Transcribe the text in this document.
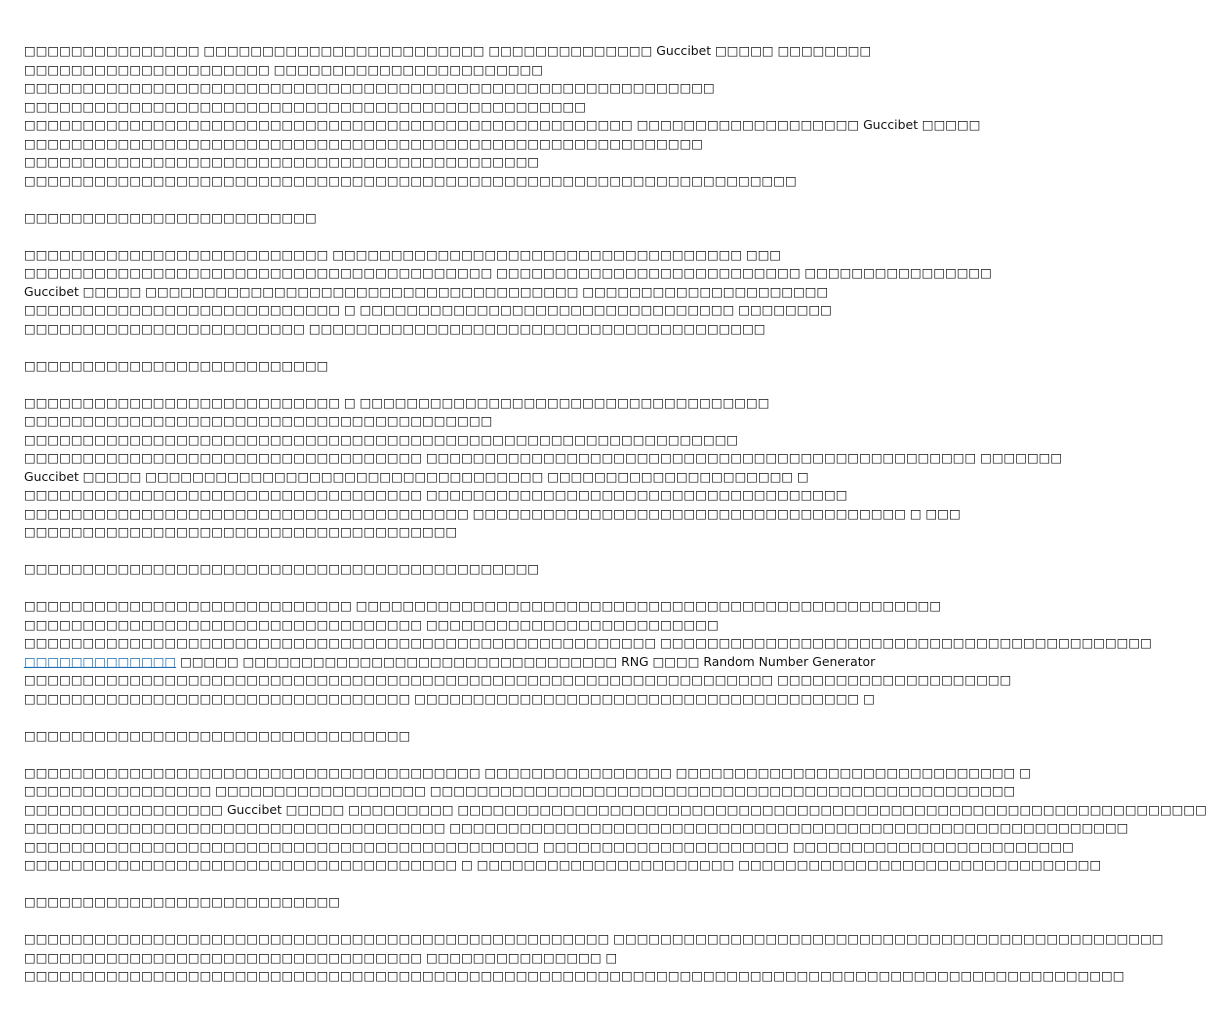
□□□□□□□□□□□□□□□ □□□□□□□□□□□□□□□□□□□□□□□□ □□□□□□□□□□□□□□ Guccibet □□□□□ □□□□□□□□
□□□□□□□□□□□□□□□□□□□□□ □□□□□□□□□□□□□□□□□□□□□□□
□□□□□□□□□□□□□□□□□□□□□□□□□□□□□□□□□□□□□□□□□□□□□□□□□□□□□□□□□□□
□□□□□□□□□□□□□□□□□□□□□□□□□□□□□□□□□□□□□□□□□□□□□□□□
□□□□□□□□□□□□□□□□□□□□□□□□□□□□□□□□□□□□□□□□□□□□□□□□□□□□ □□□□□□□□□□□□□□□□□□□ Guccibet □□□□□
□□□□□□□□□□□□□□□□□□□□□□□□□□□□□□□□□□□□□□□□□□□□□□□□□□□□□□□□□□
□□□□□□□□□□□□□□□□□□□□□□□□□□□□□□□□□□□□□□□□□□□□
□□□□□□□□□□□□□□□□□□□□□□□□□□□□□□□□□□□□□□□□□□□□□□□□□□□□□□□□□□□□□□□□□□

□□□□□□□□□□□□□□□□□□□□□□□□□

□□□□□□□□□□□□□□□□□□□□□□□□□□ □□□□□□□□□□□□□□□□□□□□□□□□□□□□□□□□□□□ □□□
□□□□□□□□□□□□□□□□□□□□□□□□□□□□□□□□□□□□□□□□ □□□□□□□□□□□□□□□□□□□□□□□□□□ □□□□□□□□□□□□□□□□
Guccibet □□□□□ □□□□□□□□□□□□□□□□□□□□□□□□□□□□□□□□□□□□□ □□□□□□□□□□□□□□□□□□□□□
□□□□□□□□□□□□□□□□□□□□□□□□□□□ □ □□□□□□□□□□□□□□□□□□□□□□□□□□□□□□□□ □□□□□□□□
□□□□□□□□□□□□□□□□□□□□□□□□ □□□□□□□□□□□□□□□□□□□□□□□□□□□□□□□□□□□□□□□

□□□□□□□□□□□□□□□□□□□□□□□□□□

□□□□□□□□□□□□□□□□□□□□□□□□□□□ □ □□□□□□□□□□□□□□□□□□□□□□□□□□□□□□□□□□□
□□□□□□□□□□□□□□□□□□□□□□□□□□□□□□□□□□□□□□□□
□□□□□□□□□□□□□□□□□□□□□□□□□□□□□□□□□□□□□□□□□□□□□□□□□□□□□□□□□□□□□
□□□□□□□□□□□□□□□□□□□□□□□□□□□□□□□□□□ □□□□□□□□□□□□□□□□□□□□□□□□□□□□□□□□□□□□□□□□□□□□□□□ □□□□□□□
Guccibet □□□□□ □□□□□□□□□□□□□□□□□□□□□□□□□□□□□□□□□□ □□□□□□□□□□□□□□□□□□□□□ □
□□□□□□□□□□□□□□□□□□□□□□□□□□□□□□□□□□ □□□□□□□□□□□□□□□□□□□□□□□□□□□□□□□□□□□□
□□□□□□□□□□□□□□□□□□□□□□□□□□□□□□□□□□□□□□ □□□□□□□□□□□□□□□□□□□□□□□□□□□□□□□□□□□□□ □ □□□
□□□□□□□□□□□□□□□□□□□□□□□□□□□□□□□□□□□□□

□□□□□□□□□□□□□□□□□□□□□□□□□□□□□□□□□□□□□□□□□□□□

□□□□□□□□□□□□□□□□□□□□□□□□□□□□ □□□□□□□□□□□□□□□□□□□□□□□□□□□□□□□□□□□□□□□□□□□□□□□□□□
□□□□□□□□□□□□□□□□□□□□□□□□□□□□□□□□□□ □□□□□□□□□□□□□□□□□□□□□□□□□
□□□□□□□□□□□□□□□□□□□□□□□□□□□□□□□□□□□□□□□□□□□□□□□□□□□□□□ □□□□□□□□□□□□□□□□□□□□□□□□□□□□□□□□□□□□□□□□□□
□□□□□□□□□□□□□ □□□□□ □□□□□□□□□□□□□□□□□□□□□□□□□□□□□□□□ RNG □□□□ Random Number Generator
□□□□□□□□□□□□□□□□□□□□□□□□□□□□□□□□□□□□□□□□□□□□□□□□□□□□□□□□□□□□□□□□ □□□□□□□□□□□□□□□□□□□□
□□□□□□□□□□□□□□□□□□□□□□□□□□□□□□□□□ □□□□□□□□□□□□□□□□□□□□□□□□□□□□□□□□□□□□□□ □

□□□□□□□□□□□□□□□□□□□□□□□□□□□□□□□□□

□□□□□□□□□□□□□□□□□□□□□□□□□□□□□□□□□□□□□□□ □□□□□□□□□□□□□□□□ □□□□□□□□□□□□□□□□□□□□□□□□□□□□□ □
□□□□□□□□□□□□□□□□ □□□□□□□□□□□□□□□□□□ □□□□□□□□□□□□□□□□□□□□□□□□□□□□□□□□□□□□□□□□□□□□□□□□□□
□□□□□□□□□□□□□□□□□ Guccibet □□□□□ □□□□□□□□□ □□□□□□□□□□□□□□□□□□□□□□□□□□□□□□□□□□□□□□□□□□□□□□□□□□□□□□□□□□□□□□□□
□□□□□□□□□□□□□□□□□□□□□□□□□□□□□□□□□□□□ □□□□□□□□□□□□□□□□□□□□□□□□□□□□□□□□□□□□□□□□□□□□□□□□□□□□□□□□□□
□□□□□□□□□□□□□□□□□□□□□□□□□□□□□□□□□□□□□□□□□□□□ □□□□□□□□□□□□□□□□□□□□□ □□□□□□□□□□□□□□□□□□□□□□□□
□□□□□□□□□□□□□□□□□□□□□□□□□□□□□□□□□□□□□ □ □□□□□□□□□□□□□□□□□□□□□□ □□□□□□□□□□□□□□□□□□□□□□□□□□□□□□□

□□□□□□□□□□□□□□□□□□□□□□□□□□□

□□□□□□□□□□□□□□□□□□□□□□□□□□□□□□□□□□□□□□□□□□□□□□□□□□ □□□□□□□□□□□□□□□□□□□□□□□□□□□□□□□□□□□□□□□□□□□□□□□
□□□□□□□□□□□□□□□□□□□□□□□□□□□□□□□□□□ □□□□□□□□□□□□□□□ □
□□□□□□□□□□□□□□□□□□□□□□□□□□□□□□□□□□□□□□□□□□□□□□□□□□□□□□□□□□□□□□□□□□□□□□□□□□□□□□□□□□□□□□□□□□□□□□
